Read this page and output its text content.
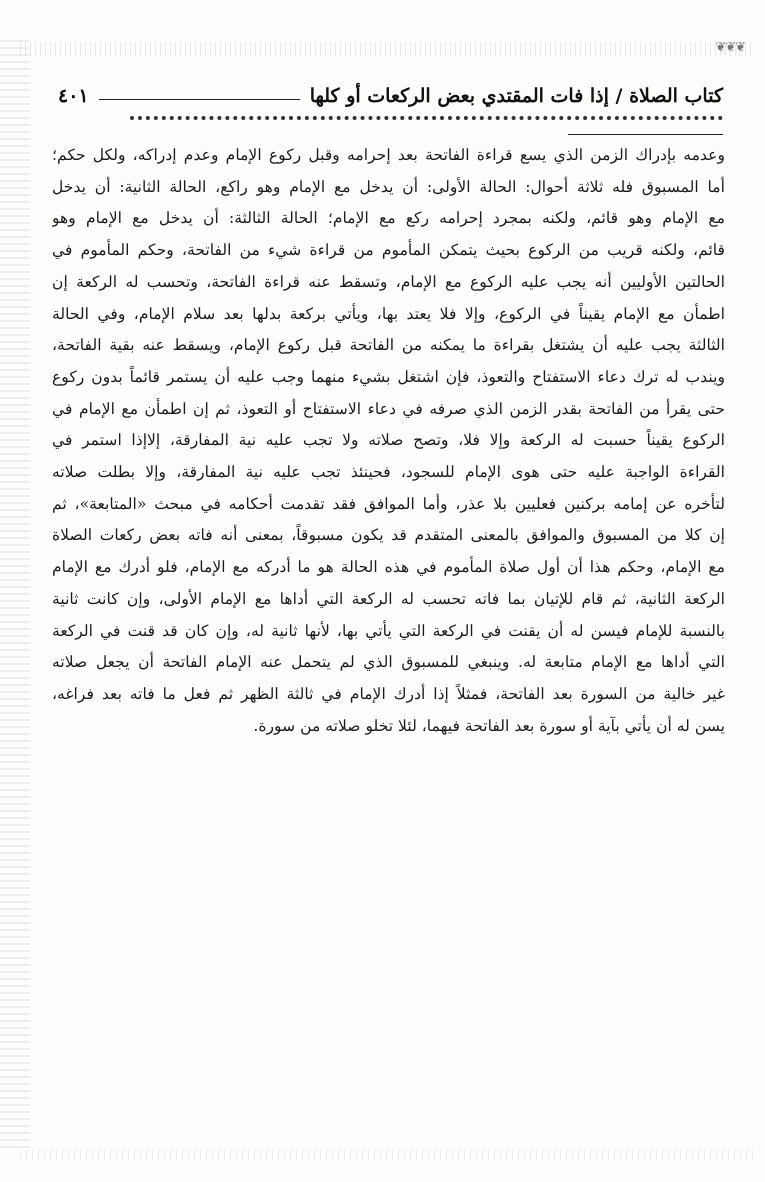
❦❦❦
كتاب الصلاة / إذا فات المقتدي بعض الركعات أو كلها
٤٠١
وعدمه بإدراك الزمن الذي يسع قراءة الفاتحة بعد إحرامه وقبل ركوع الإمام وعدم إدراكه، ولكل حكم؛
أما المسبوق فله ثلاثة أحوال: الحالة الأولى: أن يدخل مع الإمام وهو راكع، الحالة الثانية: أن يدخل
مع الإمام وهو قائم، ولكنه بمجرد إحرامه ركع مع الإمام؛ الحالة الثالثة: أن يدخل مع الإمام وهو
قائم، ولكنه قريب من الركوع بحيث يتمكن المأموم من قراءة شيء من الفاتحة، وحكم المأموم في
الحالتين الأوليين أنه يجب عليه الركوع مع الإمام، وتسقط عنه قراءة الفاتحة، وتحسب له الركعة إن
اطمأن مع الإمام يقيناً في الركوع، وإلا فلا يعتد بها، ويأتي بركعة بدلها بعد سلام الإمام، وفي الحالة
الثالثة يجب عليه أن يشتغل بقراءة ما يمكنه من الفاتحة قبل ركوع الإمام، ويسقط عنه بقية الفاتحة،
ويندب له ترك دعاء الاستفتاح والتعوذ، فإن اشتغل بشيء منهما وجب عليه أن يستمر قائماً بدون ركوع
حتى يقرأ من الفاتحة بقدر الزمن الذي صرفه في دعاء الاستفتاح أو التعوذ، ثم إن اطمأن مع الإمام في
الركوع يقيناً حسبت له الركعة وإلا فلا، وتصح صلاته ولا تجب عليه نية المفارقة، إلاإذا استمر في
القراءة الواجبة عليه حتى هوى الإمام للسجود، فحينئذ تجب عليه نية المفارقة، وإلا بطلت صلاته
لتأخره عن إمامه بركنين فعليين بلا عذر، وأما الموافق فقد تقدمت أحكامه في مبحث «المتابعة»، ثم
إن كلا من المسبوق والموافق بالمعنى المتقدم قد يكون مسبوقاً، بمعنى أنه فاته بعض ركعات الصلاة
مع الإمام، وحكم هذا أن أول صلاة المأموم في هذه الحالة هو ما أدركه مع الإمام، فلو أدرك مع الإمام
الركعة الثانية، ثم قام للإتيان بما فاته تحسب له الركعة التي أداها مع الإمام الأولى، وإن كانت ثانية
بالنسبة للإمام فيسن له أن يقنت في الركعة التي يأتي بها، لأنها ثانية له، وإن كان قد قنت في الركعة
التي أداها مع الإمام متابعة له. وينبغي للمسبوق الذي لم يتحمل عنه الإمام الفاتحة أن يجعل صلاته
غير خالية من السورة بعد الفاتحة، فمثلاً إذا أدرك الإمام في ثالثة الظهر ثم فعل ما فاته بعد فراغه،
يسن له أن يأتي بآية أو سورة بعد الفاتحة فيهما، لئلا تخلو صلاته من سورة.
